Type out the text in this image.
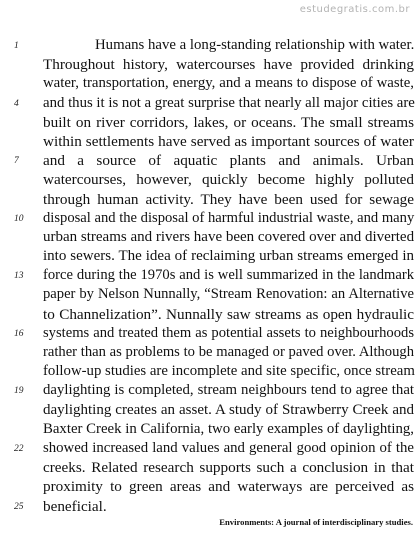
estudegratis.com.br
1	Humans have a long-standing relationship with water.
Throughout history, watercourses have provided drinking
water, transportation, energy, and a means to dispose of waste,
4	and thus it is not a great surprise that nearly all major cities are
built on river corridors, lakes, or oceans. The small streams
within settlements have served as important sources of water
7	and a source of aquatic plants and animals. Urban
watercourses, however, quickly become highly polluted
through human activity. They have been used for sewage
10	disposal and the disposal of harmful industrial waste, and many
urban streams and rivers have been covered over and diverted
into sewers. The idea of reclaiming urban streams emerged in
13	force during the 1970s and is well summarized in the landmark
paper by Nelson Nunnally, “Stream Renovation: an Alternative
to Channelization”. Nunnally saw streams as open hydraulic
16	systems and treated them as potential assets to neighbourhoods
rather than as problems to be managed or paved over. Although
follow-up studies are incomplete and site specific, once stream
19	daylighting is completed, stream neighbours tend to agree that
daylighting creates an asset. A study of Strawberry Creek and
Baxter Creek in California, two early examples of daylighting,
22	showed increased land values and general good opinion of the
creeks. Related research supports such a conclusion in that
proximity to green areas and waterways are perceived as
25	beneficial.
Environments: A journal of interdisciplinary studies.
